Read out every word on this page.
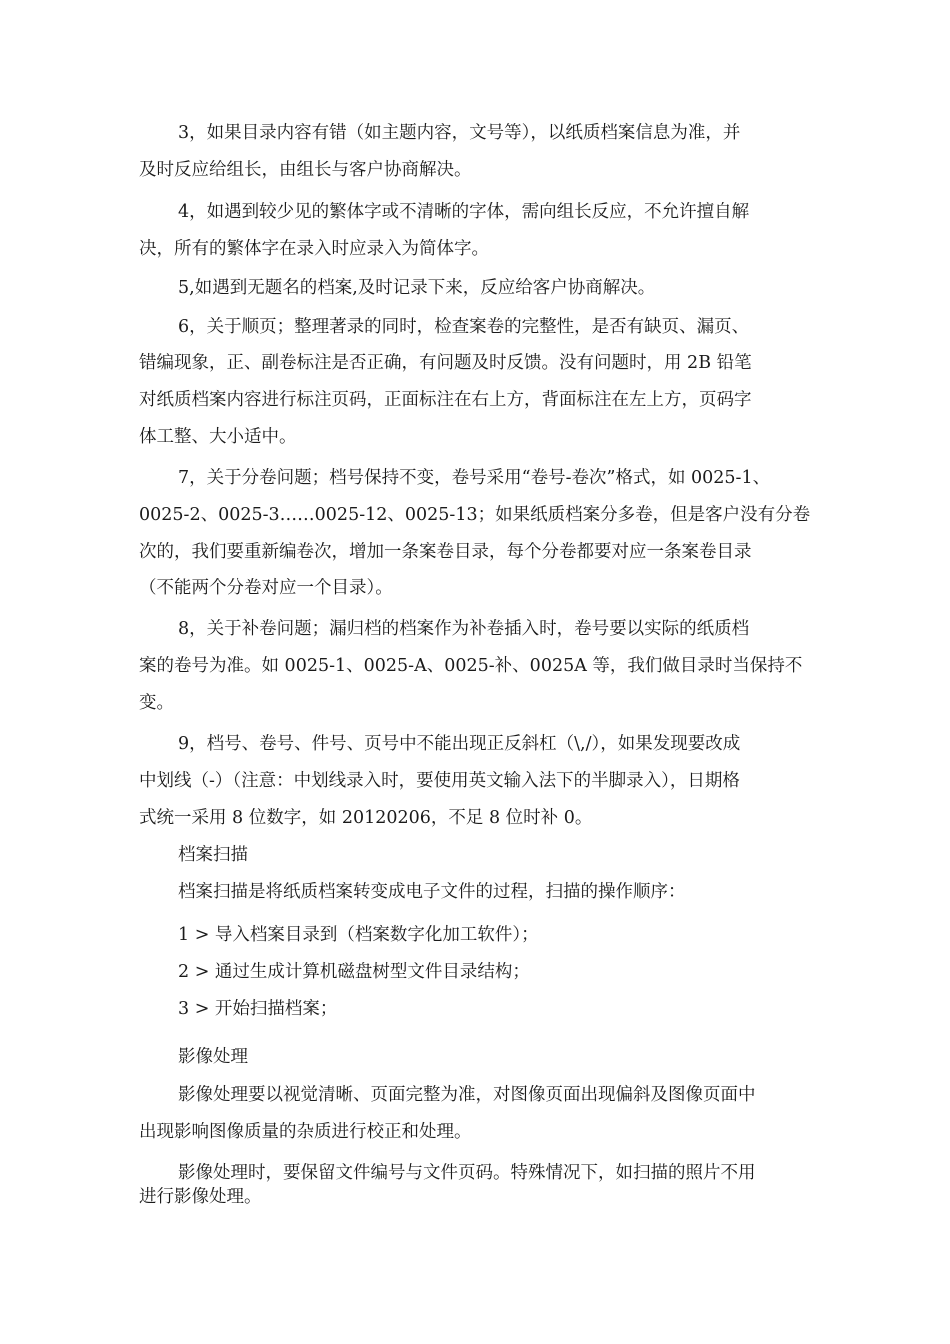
3，如果目录内容有错（如主题内容，文号等），以纸质档案信息为准，并

及时反应给组长，由组长与客户协商解决。

4，如遇到较少见的繁体字或不清晰的字体，需向组长反应，不允许擅自解

决，所有的繁体字在录入时应录入为简体字。

5,如遇到无题名的档案,及时记录下来，反应给客户协商解决。

6，关于顺页；整理著录的同时，检查案卷的完整性，是否有缺页、漏页、

错编现象，正、副卷标注是否正确，有问题及时反馈。没有问题时，用 2B 铅笔

对纸质档案内容进行标注页码，正面标注在右上方，背面标注在左上方，页码字

体工整、大小适中。

7，关于分卷问题；档号保持不变，卷号采用“卷号-卷次”格式，如 0025-1、

0025-2、0025-3……0025-12、0025-13；如果纸质档案分多卷，但是客户没有分卷

次的，我们要重新编卷次，增加一条案卷目录，每个分卷都要对应一条案卷目录

（不能两个分卷对应一个目录）。

8，关于补卷问题；漏归档的档案作为补卷插入时，卷号要以实际的纸质档

案的卷号为准。如 0025-1、0025-A、0025-补、0025A 等，我们做目录时当保持不

变。

9，档号、卷号、件号、页号中不能出现正反斜杠（\,/），如果发现要改成

中划线（-）（注意：中划线录入时，要使用英文输入法下的半脚录入），日期格

式统一采用 8 位数字，如 20120206，不足 8 位时补 0。

档案扫描

档案扫描是将纸质档案转变成电子文件的过程，扫描的操作顺序：

1 > 导入档案目录到（档案数字化加工软件）；

2 > 通过生成计算机磁盘树型文件目录结构；

3 > 开始扫描档案；

影像处理

影像处理要以视觉清晰、页面完整为准，对图像页面出现偏斜及图像页面中

出现影响图像质量的杂质进行校正和处理。

影像处理时，要保留文件编号与文件页码。特殊情况下，如扫描的照片不用

进行影像处理。
